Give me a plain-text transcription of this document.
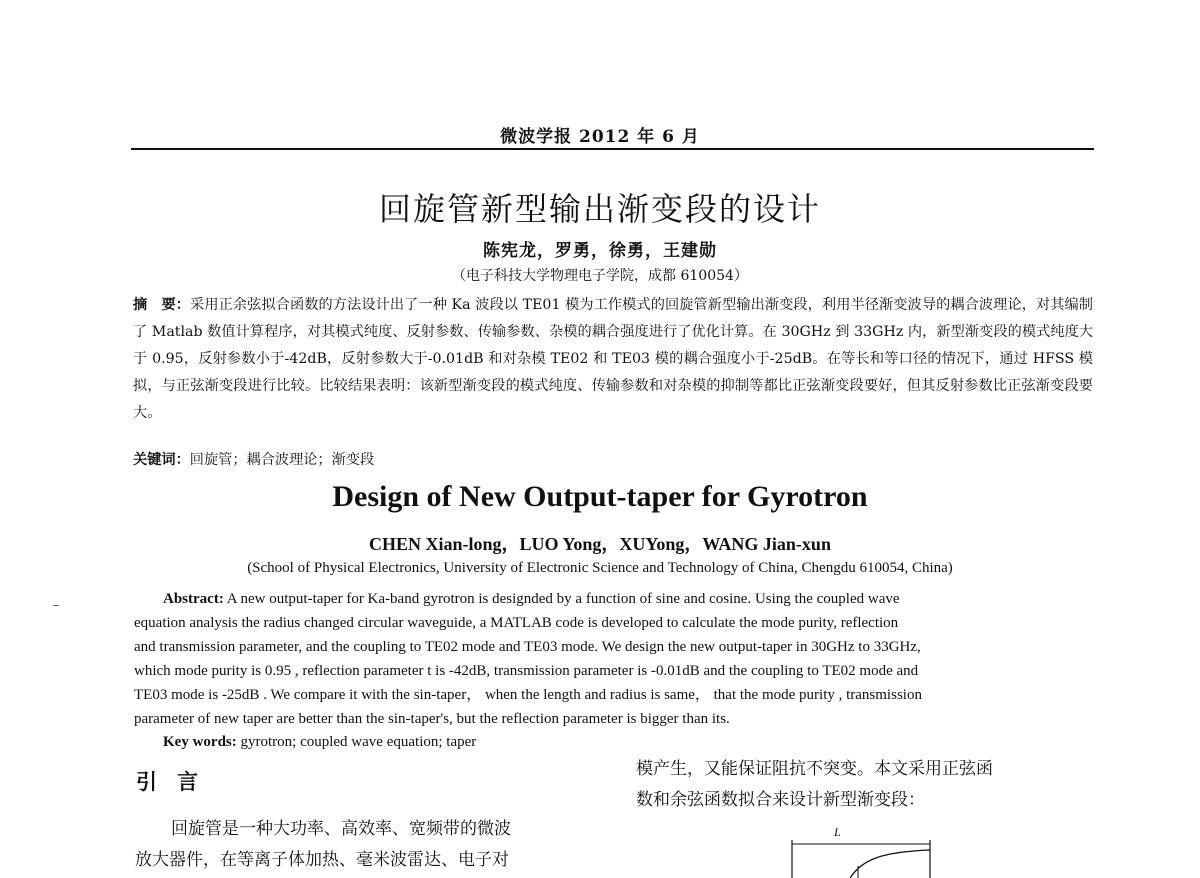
微波学报 2012 年 6 月
回旋管新型输出渐变段的设计
陈宪龙，罗勇，徐勇，王建勋
（电子科技大学物理电子学院，成都 610054）
摘　要：采用正余弦拟合函数的方法设计出了一种 Ka 波段以 TE01 模为工作模式的回旋管新型输出渐变段，利用半径渐变波导的耦合波理论，对其编制了 Matlab 数值计算程序，对其模式纯度、反射参数、传输参数、杂模的耦合强度进行了优化计算。在 30GHz 到 33GHz 内，新型渐变段的模式纯度大于 0.95，反射参数小于-42dB，反射参数大于-0.01dB 和对杂模 TE02 和 TE03 模的耦合强度小于-25dB。在等长和等口径的情况下，通过 HFSS 模拟，与正弦渐变段进行比较。比较结果表明：该新型渐变段的模式纯度、传输参数和对杂模的抑制等都比正弦渐变段要好，但其反射参数比正弦渐变段要大。
关键词：回旋管；耦合波理论；渐变段
Design of New Output-taper for Gyrotron
CHEN Xian-long，LUO Yong，XUYong，WANG Jian-xun
(School of Physical Electronics, University of Electronic Science and Technology of China, Chengdu 610054, China)
Abstract: A new output-taper for Ka-band gyrotron is designded by a function of sine and cosine. Using the coupled wave
equation analysis the radius changed circular waveguide, a MATLAB code is developed to calculate the mode purity, reflection
and transmission parameter, and the coupling to TE02 mode and TE03 mode. We design the new output-taper in 30GHz to 33GHz,
which mode purity is 0.95 , reflection parameter t is -42dB, transmission parameter is -0.01dB and the coupling to TE02 mode and
TE03 mode is -25dB . We compare it with the sin-taper， when the length and radius is same， that the mode purity , transmission
parameter of new taper are better than the sin-taper's, but the reflection parameter is bigger than its.
Key words: gyrotron; coupled wave equation; taper
引言
回旋管是一种大功率、高效率、宽频带的微波
放大器件，在等离子体加热、毫米波雷达、电子对
模产生，又能保证阻抗不突变。本文采用正弦函
数和余弦函数拟合来设计新型渐变段：
L
